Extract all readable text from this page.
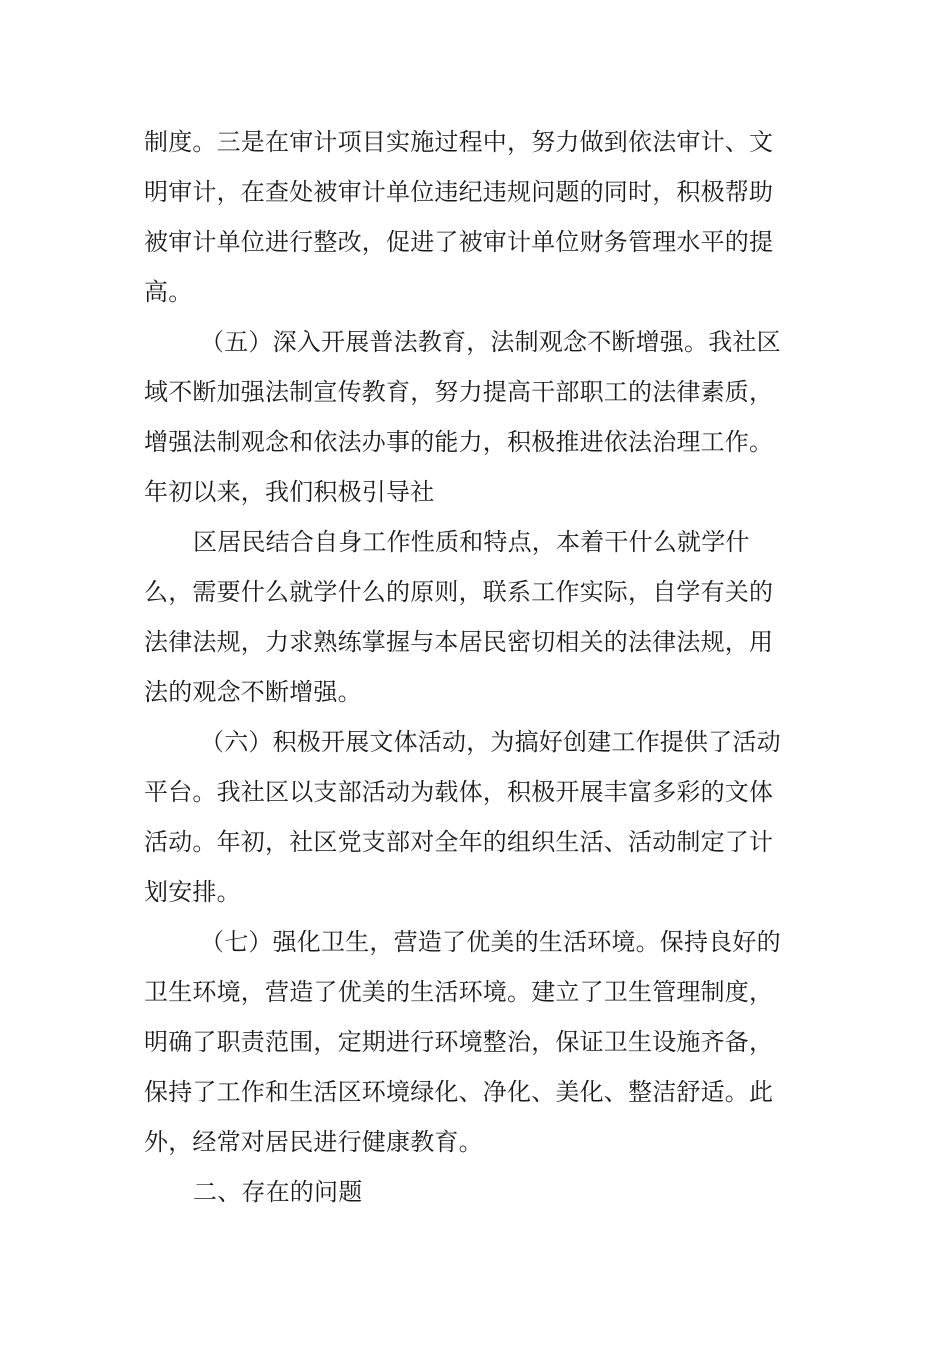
制度。三是在审计项目实施过程中，努力做到依法审计、文

明审计，在查处被审计单位违纪违规问题的同时，积极帮助

被审计单位进行整改，促进了被审计单位财务管理水平的提

高。

（五）深入开展普法教育，法制观念不断增强。我社区

域不断加强法制宣传教育，努力提高干部职工的法律素质，

增强法制观念和依法办事的能力，积极推进依法治理工作。

年初以来，我们积极引导社

区居民结合自身工作性质和特点，本着干什么就学什

么，需要什么就学什么的原则，联系工作实际，自学有关的

法律法规，力求熟练掌握与本居民密切相关的法律法规，用

法的观念不断增强。

（六）积极开展文体活动，为搞好创建工作提供了活动

平台。我社区以支部活动为载体，积极开展丰富多彩的文体

活动。年初，社区党支部对全年的组织生活、活动制定了计

划安排。

（七）强化卫生，营造了优美的生活环境。保持良好的

卫生环境，营造了优美的生活环境。建立了卫生管理制度，

明确了职责范围，定期进行环境整治，保证卫生设施齐备，

保持了工作和生活区环境绿化、净化、美化、整洁舒适。此

外，经常对居民进行健康教育。

二、存在的问题
